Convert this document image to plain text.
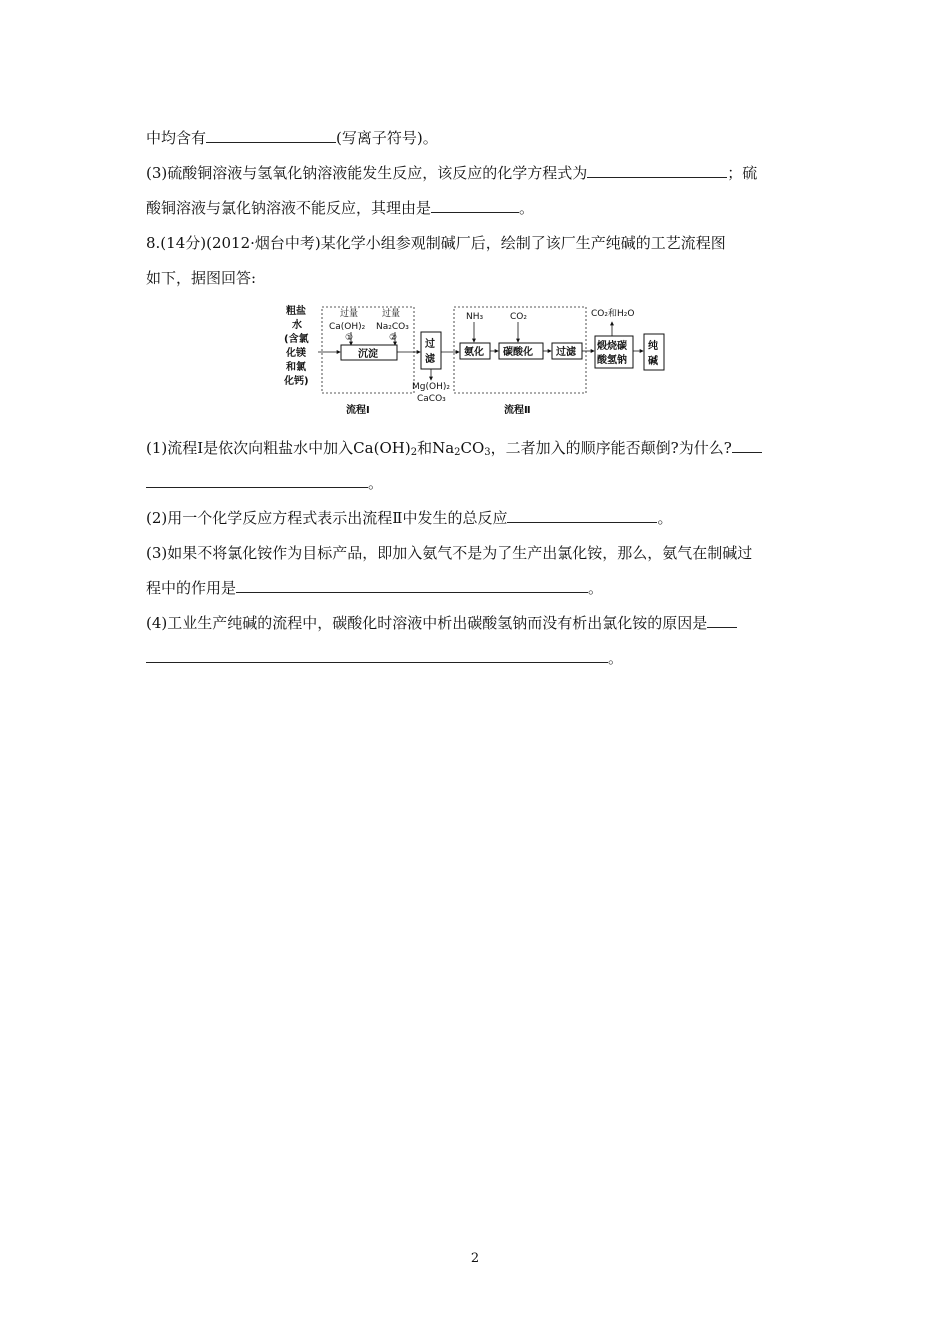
中均含有	(写离子符号)。
(3)硫酸铜溶液与氢氧化钠溶液能发生反应，该反应的化学方程式为	；硫
酸铜溶液与氯化钠溶液不能反应，其理由是	。
8.(14分)(2012·烟台中考)某化学小组参观制碱厂后，绘制了该厂生产纯碱的工艺流程图
如下，据图回答:
粗盐
水
(含氯
化镁
和氯
化钙)
过量
Ca(OH)₂
①
过量
Na₂CO₃
②
沉淀
过
滤
Mg(OH)₂
CaCO₃
NH₃	CO₂
氨化 碳酸化 过滤
CO₂和H₂O
煅烧碳
酸氢钠
纯
碱
流程Ⅰ	流程Ⅱ
(1)流程Ⅰ是依次向粗盐水中加入$Ca(OH)_2$和$Na_2CO_3$，二者加入的顺序能否颠倒?为什么?
。
(2)用一个化学反应方程式表示出流程Ⅱ中发生的总反应	。
(3)如果不将氯化铵作为目标产品，即加入氨气不是为了生产出氯化铵，那么，氨气在制碱过
程中的作用是	。
(4)工业生产纯碱的流程中，碳酸化时溶液中析出碳酸氢钠而没有析出氯化铵的原因是
。
2
